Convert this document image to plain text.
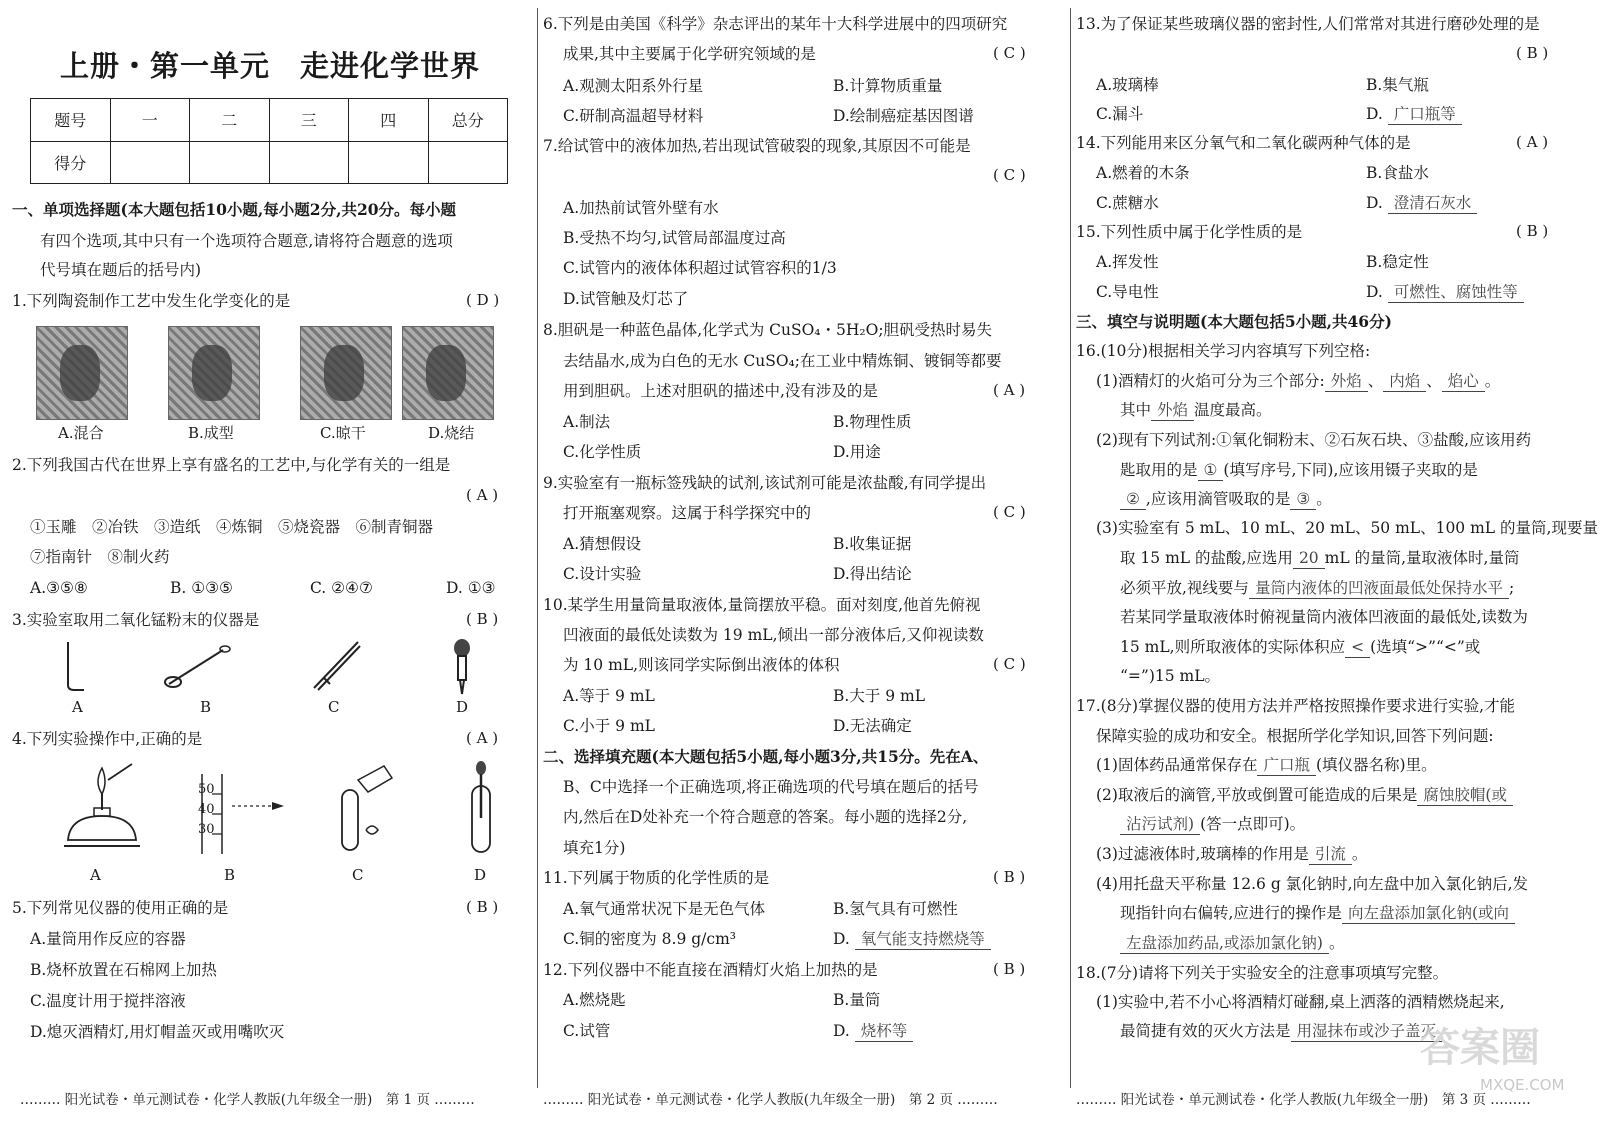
上册・第一单元　走进化学世界
题号	一	二	三	四	总分
得分					
一、单项选择题(本大题包括10小题,每小题2分,共20分。每小题
有四个选项,其中只有一个选项符合题意,请将符合题意的选项
代号填在题后的括号内)
1.下列陶瓷制作工艺中发生化学变化的是	( D )
A.混合	B.成型	C.晾干	D.烧结
2.下列我国古代在世界上享有盛名的工艺中,与化学有关的一组是
( A )
①玉雕　②冶铁　③造纸　④炼铜　⑤烧瓷器　⑥制青铜器
⑦指南针　⑧制火药
A.③⑤⑧	B. ①③⑤	C. ②④⑦	D. ①③
3.实验室取用二氧化锰粉末的仪器是	( B )
A	B	C	D
4.下列实验操作中,正确的是	( A )
50
40
30
A	B	C	D
5.下列常见仪器的使用正确的是	( B )
A.量筒用作反应的容器
B.烧杯放置在石棉网上加热
C.温度计用于搅拌溶液
D.熄灭酒精灯,用灯帽盖灭或用嘴吹灭
……… 阳光试卷・单元测试卷・化学人教版(九年级全一册)　第 1 页 ………
6.下列是由美国《科学》杂志评出的某年十大科学进展中的四项研究
成果,其中主要属于化学研究领域的是	( C )
A.观测太阳系外行星	B.计算物质重量
C.研制高温超导材料	D.绘制癌症基因图谱
7.给试管中的液体加热,若出现试管破裂的现象,其原因不可能是
( C )
A.加热前试管外壁有水
B.受热不均匀,试管局部温度过高
C.试管内的液体体积超过试管容积的1/3
D.试管触及灯芯了
8.胆矾是一种蓝色晶体,化学式为 CuSO₄・5H₂O;胆矾受热时易失
去结晶水,成为白色的无水 CuSO₄;在工业中精炼铜、镀铜等都要
用到胆矾。上述对胆矾的描述中,没有涉及的是	( A )
A.制法	B.物理性质
C.化学性质	D.用途
9.实验室有一瓶标签残缺的试剂,该试剂可能是浓盐酸,有同学提出
打开瓶塞观察。这属于科学探究中的	( C )
A.猜想假设	B.收集证据
C.设计实验	D.得出结论
10.某学生用量筒量取液体,量筒摆放平稳。面对刻度,他首先俯视
凹液面的最低处读数为 19 mL,倾出一部分液体后,又仰视读数
为 10 mL,则该同学实际倒出液体的体积	( C )
A.等于 9 mL	B.大于 9 mL
C.小于 9 mL	D.无法确定
二、选择填充题(本大题包括5小题,每小题3分,共15分。先在A、
B、C中选择一个正确选项,将正确选项的代号填在题后的括号
内,然后在D处补充一个符合题意的答案。每小题的选择2分,
填充1分)
11.下列属于物质的化学性质的是	( B )
A.氧气通常状况下是无色气体	B.氢气具有可燃性
C.铜的密度为 8.9 g/cm³	D. 氧气能支持燃烧等
12.下列仪器中不能直接在酒精灯火焰上加热的是	( B )
A.燃烧匙	B.量筒
C.试管	D. 烧杯等
……… 阳光试卷・单元测试卷・化学人教版(九年级全一册)　第 2 页 ………
13.为了保证某些玻璃仪器的密封性,人们常常对其进行磨砂处理的是
( B )
A.玻璃棒	B.集气瓶
C.漏斗	D. 广口瓶等
14.下列能用来区分氧气和二氧化碳两种气体的是	( A )
A.燃着的木条	B.食盐水
C.蔗糖水	D. 澄清石灰水
15.下列性质中属于化学性质的是	( B )
A.挥发性	B.稳定性
C.导电性	D. 可燃性、腐蚀性等
三、填空与说明题(本大题包括5小题,共46分)
16.(10分)根据相关学习内容填写下列空格:
(1)酒精灯的火焰可分为三个部分: 外焰 、 内焰 、 焰心 。
其中 外焰 温度最高。
(2)现有下列试剂:①氧化铜粉末、②石灰石块、③盐酸,应该用药
匙取用的是 ① (填写序号,下同),应该用镊子夹取的是
② ,应该用滴管吸取的是 ③ 。
(3)实验室有 5 mL、10 mL、20 mL、50 mL、100 mL 的量筒,现要量
取 15 mL 的盐酸,应选用 20 mL 的量筒,量取液体时,量筒
必须平放,视线要与 量筒内液体的凹液面最低处保持水平 ;
若某同学量取液体时俯视量筒内液体凹液面的最低处,读数为
15 mL,则所取液体的实际体积应 < (选填“>”“<”或
“=”)15 mL。
17.(8分)掌握仪器的使用方法并严格按照操作要求进行实验,才能
保障实验的成功和安全。根据所学化学知识,回答下列问题:
(1)固体药品通常保存在 广口瓶 (填仪器名称)里。
(2)取液后的滴管,平放或倒置可能造成的后果是 腐蚀胶帽(或
沾污试剂) (答一点即可)。
(3)过滤液体时,玻璃棒的作用是 引流 。
(4)用托盘天平称量 12.6 g 氯化钠时,向左盘中加入氯化钠后,发
现指针向右偏转,应进行的操作是 向左盘添加氯化钠(或向
左盘添加药品,或添加氯化钠) 。
18.(7分)请将下列关于实验安全的注意事项填写完整。
(1)实验中,若不小心将酒精灯碰翻,桌上洒落的酒精燃烧起来,
最简捷有效的灭火方法是 用湿抹布或沙子盖灭
……… 阳光试卷・单元测试卷・化学人教版(九年级全一册)　第 3 页 ………
答案圈
MXQE.COM
